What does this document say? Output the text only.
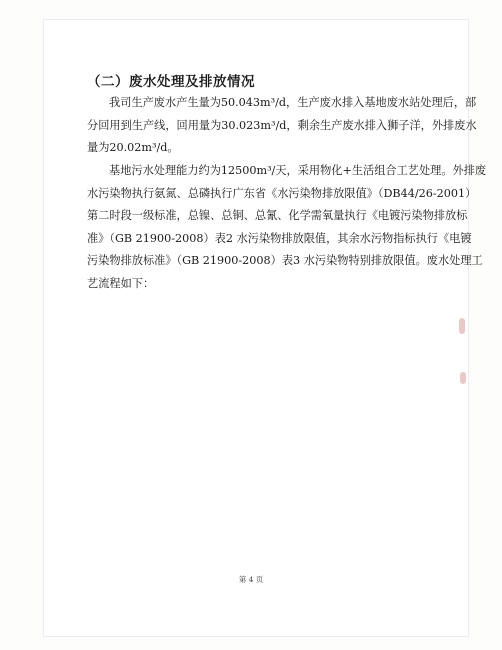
（二）废水处理及排放情况
我司生产废水产生量为50.043m³/d，生产废水排入基地废水站处理后，部
分回用到生产线，回用量为30.023m³/d，剩余生产废水排入狮子洋，外排废水
量为20.02m³/d。
基地污水处理能力约为12500m³/天，采用物化+生活组合工艺处理。外排废
水污染物执行氨氮、总磷执行广东省《水污染物排放限值》（DB44/26-2001）
第二时段一级标准，总镍、总铜、总氰、化学需氧量执行《电镀污染物排放标
准》（GB 21900-2008）表2 水污染物排放限值，其余水污物指标执行《电镀
污染物排放标准》（GB 21900-2008）表3 水污染物特别排放限值。废水处理工
艺流程如下：
第 4 页
